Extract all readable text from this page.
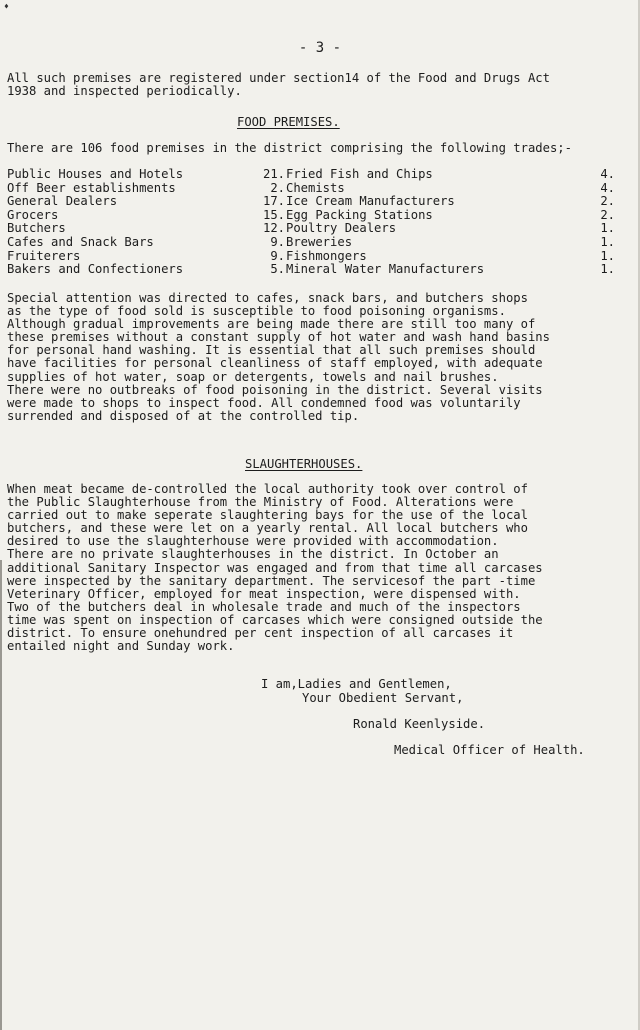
♦
- 3 -
All such premises are registered under section14 of the Food and Drugs Act
1938 and inspected periodically.
FOOD PREMISES.
There are 106 food premises in the district comprising the following trades;-
Public Houses and Hotels	21. Fried Fish and Chips	4.
Off Beer establishments	2. Chemists	4.
General Dealers	17. Ice Cream Manufacturers	2.
Grocers	15. Egg Packing Stations	2.
Butchers	12. Poultry Dealers	1.
Cafes and Snack Bars	9. Breweries	1.
Fruiterers	9. Fishmongers	1.
Bakers and Confectioners	5. Mineral Water Manufacturers	1.
Special attention was directed to cafes, snack bars, and butchers shops
as the type of food sold is susceptible to food poisoning organisms.
Although gradual improvements are being made there are still too many of
these premises without a constant supply of hot water and wash hand basins
for personal hand washing. It is essential that all such premises should
have facilities for personal cleanliness of staff employed, with adequate
supplies of hot water, soap or detergents, towels and nail brushes.
There were no outbreaks of food poisoning in the district. Several visits
were made to shops to inspect food. All condemned food was voluntarily
surrended and disposed of at the controlled tip.
SLAUGHTERHOUSES.
When meat became de-controlled the local authority took over control of
the Public Slaughterhouse from the Ministry of Food. Alterations were
carried out to make seperate slaughtering bays for the use of the local
butchers, and these were let on a yearly rental. All local butchers who
desired to use the slaughterhouse were provided with accommodation.
There are no private slaughterhouses in the district. In October an
additional Sanitary Inspector was engaged and from that time all carcases
were inspected by the sanitary department. The servicesof the part -time
Veterinary Officer, employed for meat inspection, were dispensed with.
Two of the butchers deal in wholesale trade and much of the inspectors
time was spent on inspection of carcases which were consigned outside the
district. To ensure onehundred per cent inspection of all carcases it
entailed night and Sunday work.
I am,Ladies and Gentlemen,
Your Obedient Servant,
Ronald Keenlyside.
Medical Officer of Health.
